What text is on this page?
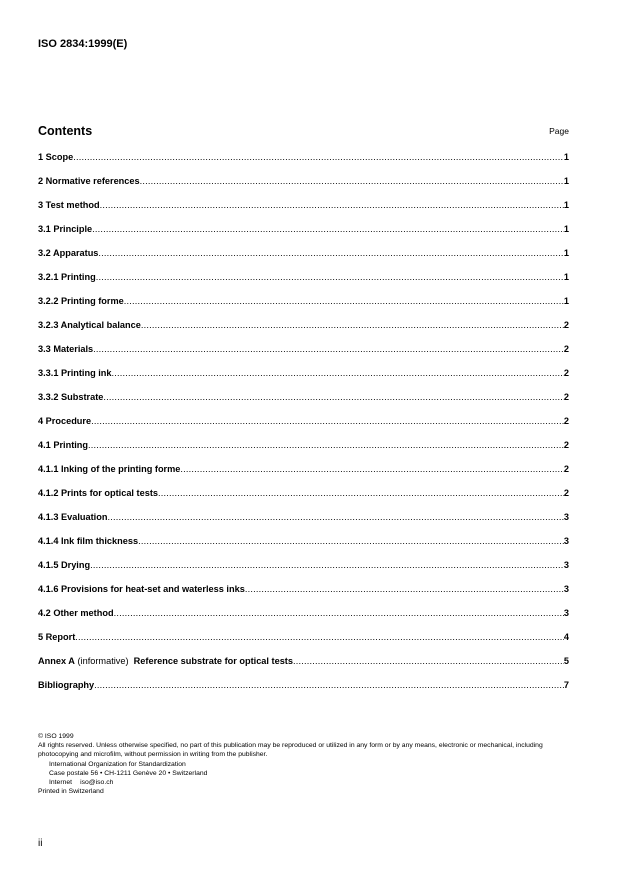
ISO 2834:1999(E)
Contents	Page
1 Scope .....	1
2 Normative references .....	1
3 Test method .....	1
3.1 Principle .....	1
3.2 Apparatus .....	1
3.2.1 Printing .....	1
3.2.2 Printing forme .....	1
3.2.3 Analytical balance .....	2
3.3 Materials .....	2
3.3.1 Printing ink .....	2
3.3.2 Substrate .....	2
4 Procedure .....	2
4.1 Printing .....	2
4.1.1 Inking of the printing forme .....	2
4.1.2 Prints for optical tests .....	2
4.1.3 Evaluation .....	3
4.1.4 Ink film thickness .....	3
4.1.5 Drying .....	3
4.1.6 Provisions for heat-set and waterless inks .....	3
4.2 Other method .....	3
5 Report .....	4
Annex A
(informative)
Reference substrate for optical tests .....	5
Bibliography .....	7
© ISO 1999
All rights reserved. Unless otherwise specified, no part of this publication may be reproduced or utilized in any form or by any means, electronic or mechanical, including photocopying and microfilm, without permission in writing from the publisher.
International Organization for Standardization
Case postale 56 • CH-1211 Genève 20 • Switzerland
Internet iso@iso.ch
Printed in Switzerland
ii
